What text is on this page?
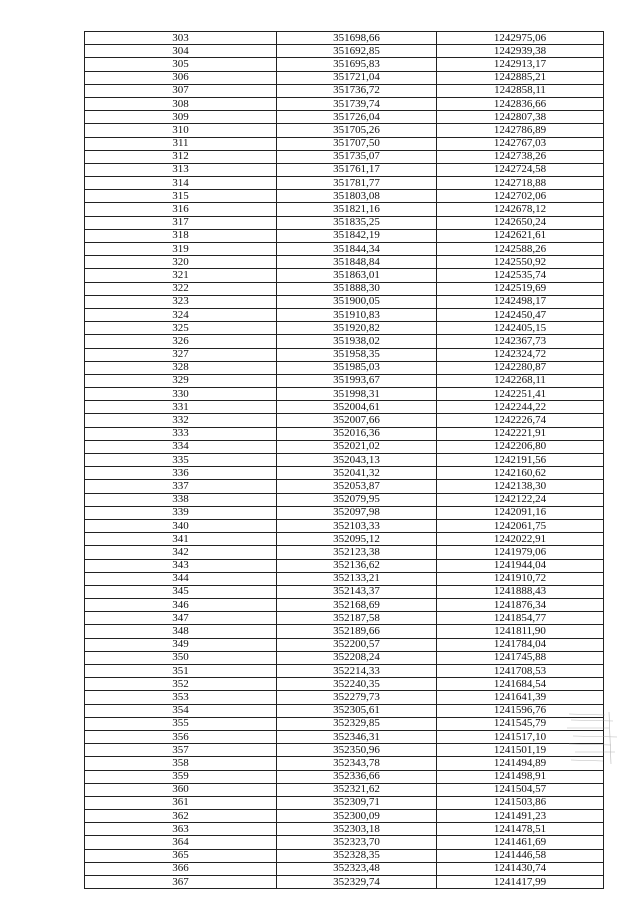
303	351698,66	1242975,06
304	351692,85	1242939,38
305	351695,83	1242913,17
306	351721,04	1242885,21
307	351736,72	1242858,11
308	351739,74	1242836,66
309	351726,04	1242807,38
310	351705,26	1242786,89
311	351707,50	1242767,03
312	351735,07	1242738,26
313	351761,17	1242724,58
314	351781,77	1242718,88
315	351803,08	1242702,06
316	351821,16	1242678,12
317	351835,25	1242650,24
318	351842,19	1242621,61
319	351844,34	1242588,26
320	351848,84	1242550,92
321	351863,01	1242535,74
322	351888,30	1242519,69
323	351900,05	1242498,17
324	351910,83	1242450,47
325	351920,82	1242405,15
326	351938,02	1242367,73
327	351958,35	1242324,72
328	351985,03	1242280,87
329	351993,67	1242268,11
330	351998,31	1242251,41
331	352004,61	1242244,22
332	352007,66	1242226,74
333	352016,36	1242221,91
334	352021,02	1242206,80
335	352043,13	1242191,56
336	352041,32	1242160,62
337	352053,87	1242138,30
338	352079,95	1242122,24
339	352097,98	1242091,16
340	352103,33	1242061,75
341	352095,12	1242022,91
342	352123,38	1241979,06
343	352136,62	1241944,04
344	352133,21	1241910,72
345	352143,37	1241888,43
346	352168,69	1241876,34
347	352187,58	1241854,77
348	352189,66	1241811,90
349	352200,57	1241784,04
350	352208,24	1241745,88
351	352214,33	1241708,53
352	352240,35	1241684,54
353	352279,73	1241641,39
354	352305,61	1241596,76
355	352329,85	1241545,79
356	352346,31	1241517,10
357	352350,96	1241501,19
358	352343,78	1241494,89
359	352336,66	1241498,91
360	352321,62	1241504,57
361	352309,71	1241503,86
362	352300,09	1241491,23
363	352303,18	1241478,51
364	352323,70	1241461,69
365	352328,35	1241446,58
366	352323,48	1241430,74
367	352329,74	1241417,99
